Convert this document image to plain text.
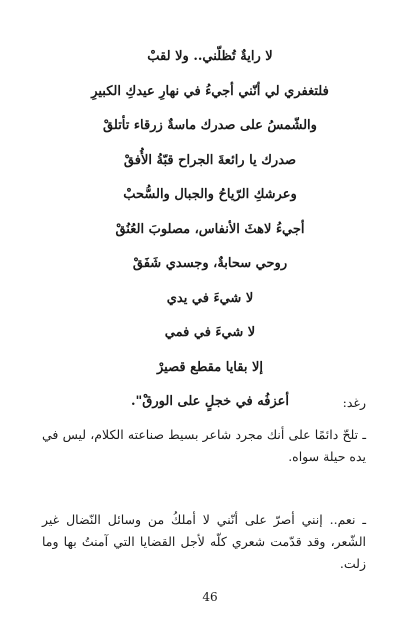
لا رايةٌ تُظلّني.. ولا لقبْ
فلتغفري لي أنّني أجيءُ في نهارِ عيدكِ الكبيرِ
والشّمسُ على صدرك ماسةٌ زرقاء تأتلقْ
صدرك يا رائعةَ الجراح قبّةُ الأُفقْ
وعرشكِ الرّياحُ والجبال والسُّحبْ
أجيءُ لاهثَ الأنفاس، مصلوبَ العُنُقْ
روحي سحابةٌ، وجسدي شَفَقْ
لا شيءَ في يدي
لا شيءَ في فمي
إلا بقايا مقطع قصيرْ
أعزفُه في خجلٍ على الورقْ".	رغد:

ـ تلحّ دائمًا على أنك مجرد شاعر بسيط صناعته الكلام، ليس في يده حيلة سواه.

ـ نعم.. إنني أصرّ على أنّني لا أملكُ من وسائل النّضال غير الشّعر، وقد قدّمت شعري كلّه لأجل القضايا التي آمنتُ بها وما زلت.

46
